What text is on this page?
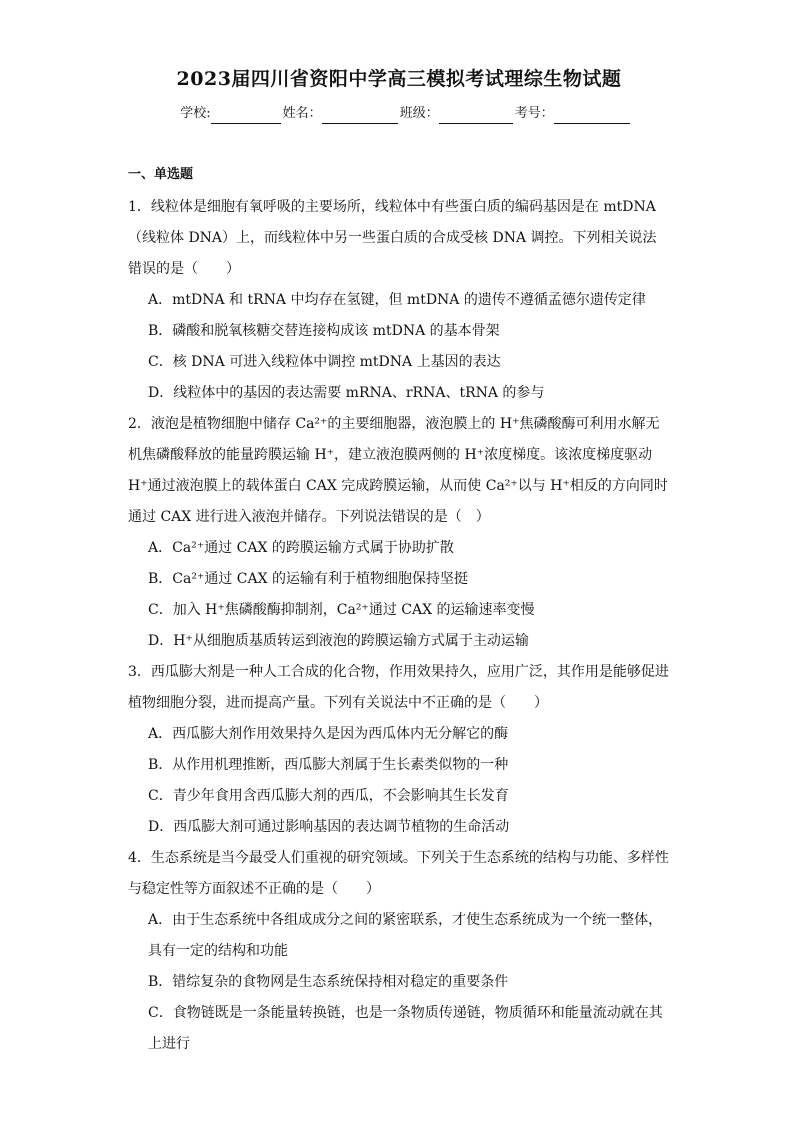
2023届四川省资阳中学高三模拟考试理综生物试题
学校:	姓名：	班级：	考号：
一、单选题

1．线粒体是细胞有氧呼吸的主要场所，线粒体中有些蛋白质的编码基因是在 mtDNA（线粒体 DNA）上，而线粒体中另一些蛋白质的合成受核 DNA 调控。下列相关说法错误的是（　　）

A．mtDNA 和 tRNA 中均存在氢键，但 mtDNA 的遗传不遵循孟德尔遗传定律

B．磷酸和脱氧核糖交替连接构成该 mtDNA 的基本骨架

C．核 DNA 可进入线粒体中调控 mtDNA 上基因的表达

D．线粒体中的基因的表达需要 mRNA、rRNA、tRNA 的参与

2．液泡是植物细胞中储存 Ca²⁺的主要细胞器，液泡膜上的 H⁺焦磷酸酶可利用水解无机焦磷酸释放的能量跨膜运输 H⁺，建立液泡膜两侧的 H⁺浓度梯度。该浓度梯度驱动 H⁺通过液泡膜上的载体蛋白 CAX 完成跨膜运输，从而使 Ca²⁺以与 H⁺相反的方向同时通过 CAX 进行进入液泡并储存。下列说法错误的是（　）

A．Ca²⁺通过 CAX 的跨膜运输方式属于协助扩散

B．Ca²⁺通过 CAX 的运输有利于植物细胞保持坚挺

C．加入 H⁺焦磷酸酶抑制剂，Ca²⁺通过 CAX 的运输速率变慢

D．H⁺从细胞质基质转运到液泡的跨膜运输方式属于主动运输

3．西瓜膨大剂是一种人工合成的化合物，作用效果持久，应用广泛，其作用是能够促进植物细胞分裂，进而提高产量。下列有关说法中不正确的是（　　）

A．西瓜膨大剂作用效果持久是因为西瓜体内无分解它的酶

B．从作用机理推断，西瓜膨大剂属于生长素类似物的一种

C．青少年食用含西瓜膨大剂的西瓜，不会影响其生长发育

D．西瓜膨大剂可通过影响基因的表达调节植物的生命活动

4．生态系统是当今最受人们重视的研究领域。下列关于生态系统的结构与功能、多样性与稳定性等方面叙述不正确的是（　　）

A．由于生态系统中各组成成分之间的紧密联系，才使生态系统成为一个统一整体，具有一定的结构和功能

B．错综复杂的食物网是生态系统保持相对稳定的重要条件

C．食物链既是一条能量转换链，也是一条物质传递链，物质循环和能量流动就在其上进行
